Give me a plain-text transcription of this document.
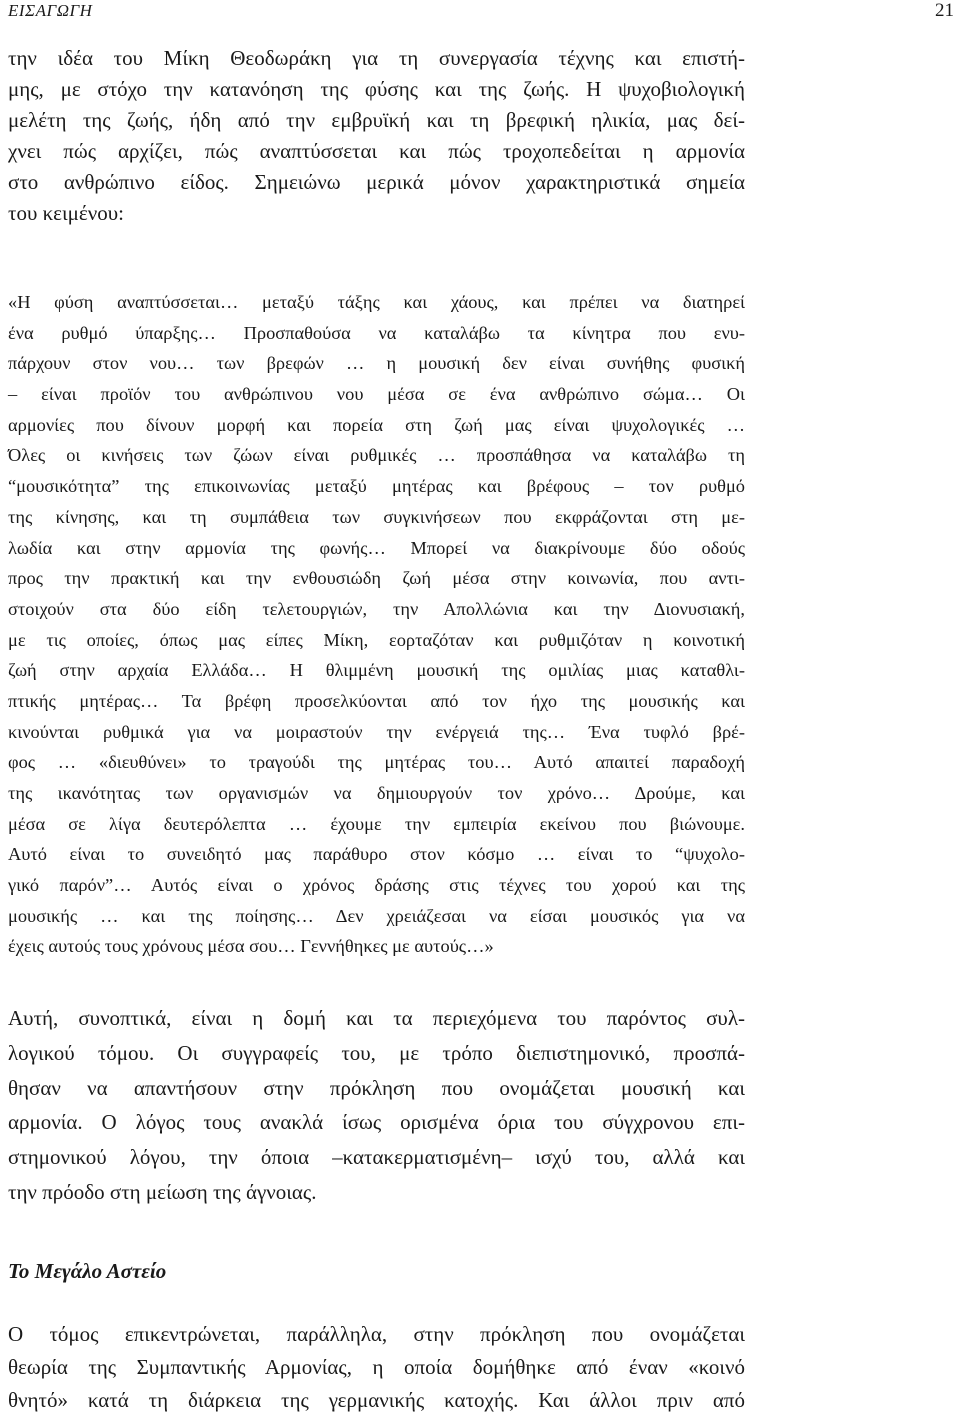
ΕΙΣΑΓΩΓΗ	21
την ιδέα του Μίκη Θεοδωράκη για τη συνεργασία τέχνης και επιστή-
μης, με στόχο την κατανόηση της φύσης και της ζωής. Η ψυχοβιολογική
μελέτη της ζωής, ήδη από την εμβρυϊκή και τη βρεφική ηλικία, μας δεί-
χνει πώς αρχίζει, πώς αναπτύσσεται και πώς τροχοπεδείται η αρμονία
στο ανθρώπινο είδος. Σημειώνω μερικά μόνον χαρακτηριστικά σημεία
του κειμένου:
«Η φύση αναπτύσσεται… μεταξύ τάξης και χάους, και πρέπει να διατηρεί
ένα ρυθμό ύπαρξης… Προσπαθούσα να καταλάβω τα κίνητρα που ενυ-
πάρχουν στον νου… των βρεφών … η μουσική δεν είναι συνήθης φυσική
– είναι προϊόν του ανθρώπινου νου μέσα σε ένα ανθρώπινο σώμα… Οι
αρμονίες που δίνουν μορφή και πορεία στη ζωή μας είναι ψυχολογικές …
Όλες οι κινήσεις των ζώων είναι ρυθμικές … προσπάθησα να καταλάβω τη
“μουσικότητα” της επικοινωνίας μεταξύ μητέρας και βρέφους – τον ρυθμό
της κίνησης, και τη συμπάθεια των συγκινήσεων που εκφράζονται στη με-
λωδία και στην αρμονία της φωνής… Μπορεί να διακρίνουμε δύο οδούς
προς την πρακτική και την ενθουσιώδη ζωή μέσα στην κοινωνία, που αντι-
στοιχούν στα δύο είδη τελετουργιών, την Απολλώνια και την Διονυσιακή,
με τις οποίες, όπως μας είπες Μίκη, εορταζόταν και ρυθμιζόταν η κοινοτική
ζωή στην αρχαία Ελλάδα… Η θλιμμένη μουσική της ομιλίας μιας καταθλι-
πτικής μητέρας… Τα βρέφη προσελκύονται από τον ήχο της μουσικής και
κινούνται ρυθμικά για να μοιραστούν την ενέργειά της… Ένα τυφλό βρέ-
φος … «διευθύνει» το τραγούδι της μητέρας του… Αυτό απαιτεί παραδοχή
της ικανότητας των οργανισμών να δημιουργούν τον χρόνο… Δρούμε, και
μέσα σε λίγα δευτερόλεπτα … έχουμε την εμπειρία εκείνου που βιώνουμε.
Αυτό είναι το συνειδητό μας παράθυρο στον κόσμο … είναι το “ψυχολο-
γικό παρόν”… Αυτός είναι ο χρόνος δράσης στις τέχνες του χορού και της
μουσικής … και της ποίησης… Δεν χρειάζεσαι να είσαι μουσικός για να
έχεις αυτούς τους χρόνους μέσα σου… Γεννήθηκες με αυτούς…»
Αυτή, συνοπτικά, είναι η δομή και τα περιεχόμενα του παρόντος συλ-
λογικού τόμου. Οι συγγραφείς του, με τρόπο διεπιστημονικό, προσπά-
θησαν να απαντήσουν στην πρόκληση που ονομάζεται μουσική και
αρμονία. Ο λόγος τους ανακλά ίσως ορισμένα όρια του σύγχρονου επι-
στημονικού λόγου, την όποια –κατακερματισμένη– ισχύ του, αλλά και
την πρόοδο στη μείωση της άγνοιας.
Το Μεγάλο Αστείο
Ο τόμος επικεντρώνεται, παράλληλα, στην πρόκληση που ονομάζεται
θεωρία της Συμπαντικής Αρμονίας, η οποία δομήθηκε από έναν «κοινό
θνητό» κατά τη διάρκεια της γερμανικής κατοχής. Και άλλοι πριν από
